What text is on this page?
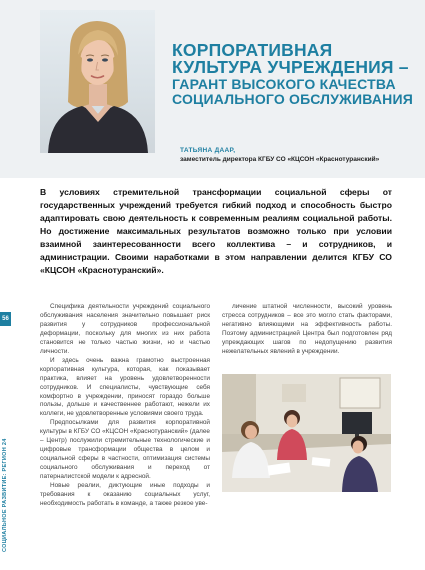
КОРПОРАТИВНАЯ КУЛЬТУРА УЧРЕЖДЕНИЯ –
ГАРАНТ ВЫСОКОГО КАЧЕСТВА СОЦИАЛЬНОГО ОБСЛУЖИВАНИЯ
ТАТЬЯНА ДААР,
заместитель директора КГБУ СО «КЦСОН «Краснотуранский»
В условиях стремительной трансформации социальной сферы от государственных учреждений требуется гибкий подход и способность быстро адаптировать свою деятельность к современным реалиям социальной работы. Но достижение максимальных результатов возможно только при условии взаимной заинтересованности всего коллектива – и сотрудников, и администрации. Своими наработками в этом направлении делится КГБУ СО «КЦСОН «Краснотуранский».
56
СОЦИАЛЬНОЕ РАЗВИТИЕ: РЕГИОН 24

Специфика деятельности учреждений социального обслуживания населения значительно повышает риск развития у сотрудников профессиональной деформации, поскольку для многих из них работа становится не только частью жизни, но и частью личности.

И здесь очень важна грамотно выстроенная корпоративная культура, которая, как показывает практика, влияет на уровень удовлетворенности сотрудников. И специалисты, чувствующие себя комфортно в учреждении, приносят гораздо больше пользы, дольше и качественнее работают, нежели их коллеги, не удовлетворенные условиями своего труда.

Предпосылками для развития корпоративной культуры в КГБУ СО «КЦСОН «Краснотуранский» (далее – Центр) послужили стремительные технологические и цифровые трансформации общества в целом и социальной сферы в частности, оптимизация системы социального обслуживания и переход от патерналистской модели к адресной.

Новые реалии, диктующие иные подходы и требования к оказанию социальных услуг, необходимость работать в команде, а также резкое уве-

личение штатной численности, высокий уровень стресса сотрудников – все это могло стать факторами, негативно влияющими на эффективность работы. Поэтому администрацией Центра был подготовлен ряд упреждающих шагов по недопущению развития нежелательных явлений в учреждении.
